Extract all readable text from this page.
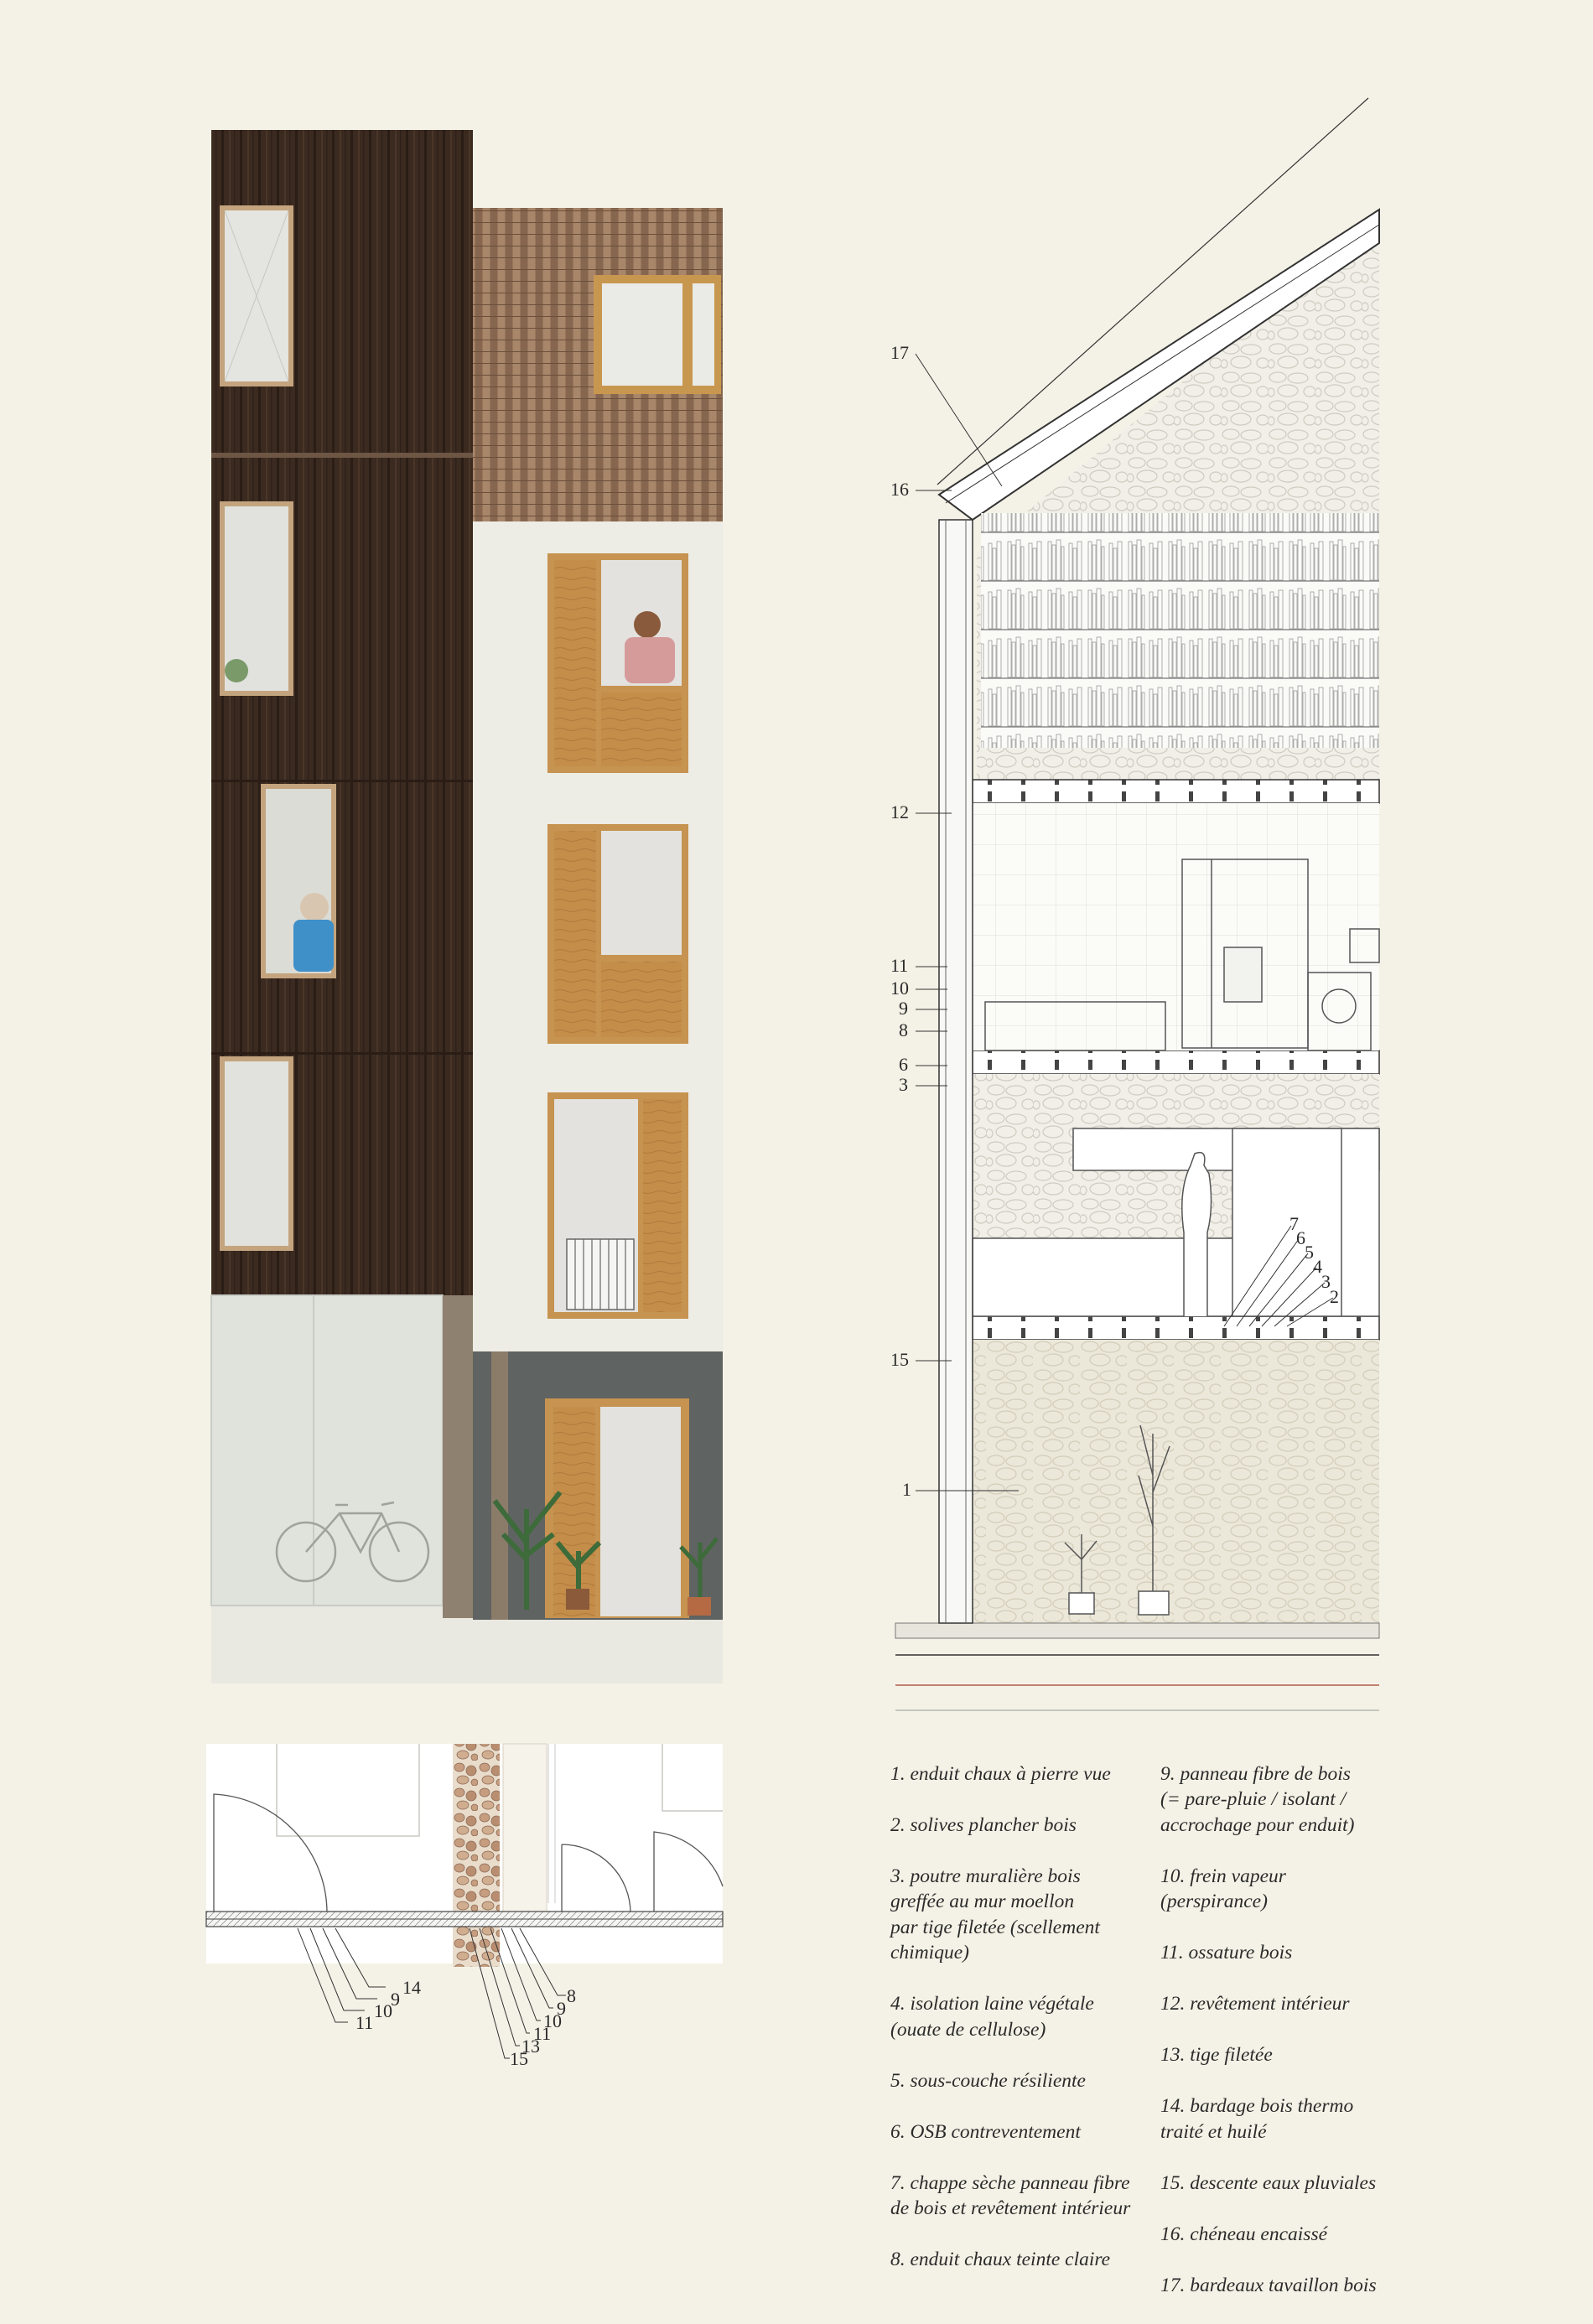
17
16
12
11
10
9
8
6
3
15
1
7
6
5
4
3
2
14
9
10
11
8
9
10
11
13
15

1. enduit chaux à pierre vue

2. solives plancher bois

3. poutre muralière bois
greffée au mur moellon
par tige filetée (scellement
chimique)

4. isolation laine végétale
(ouate de cellulose)

5. sous-couche résiliente

6. OSB contreventement

7. chappe sèche panneau fibre
de bois et revêtement intérieur

8. enduit chaux teinte claire

9. panneau fibre de bois
(= pare-pluie / isolant /
accrochage pour enduit)

10. frein vapeur
(perspirance)

11. ossature bois

12. revêtement intérieur

13. tige filetée

14. bardage bois thermo
traité et huilé

15. descente eaux pluviales

16. chéneau encaissé

17. bardeaux tavaillon bois
